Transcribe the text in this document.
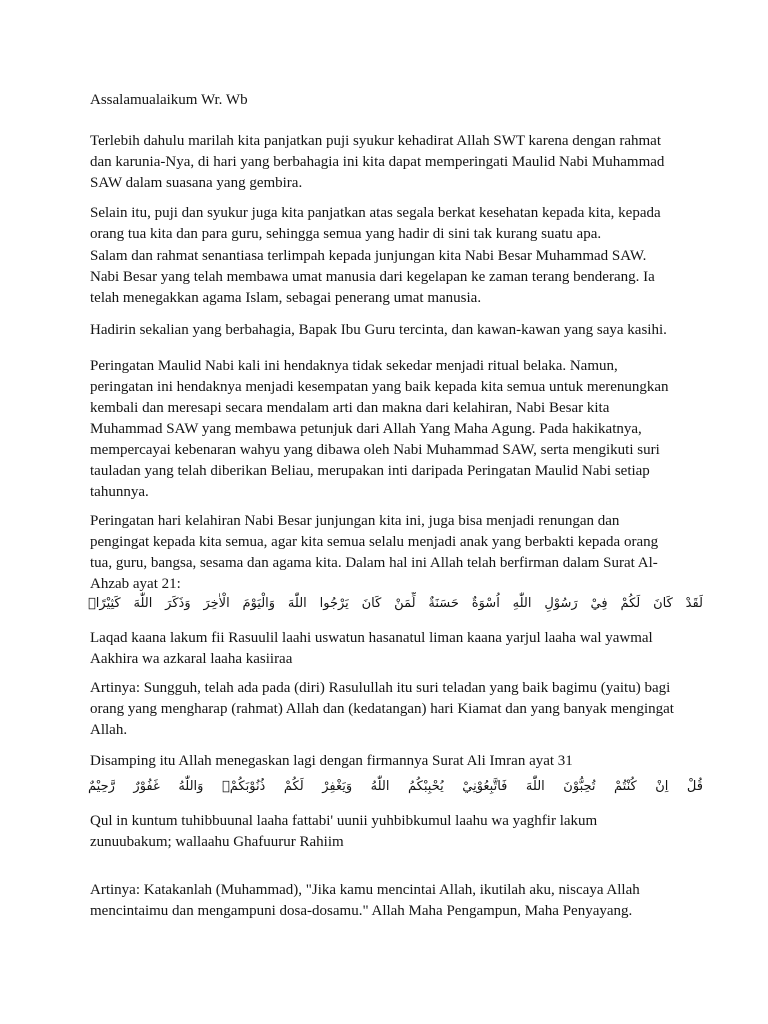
Assalamualaikum Wr. Wb

Terlebih dahulu marilah kita panjatkan puji syukur kehadirat Allah SWT karena dengan rahmat
dan karunia-Nya, di hari yang berbahagia ini kita dapat memperingati Maulid Nabi Muhammad
SAW dalam suasana yang gembira.

Selain itu, puji dan syukur juga kita panjatkan atas segala berkat kesehatan kepada kita, kepada
orang tua kita dan para guru, sehingga semua yang hadir di sini tak kurang suatu apa.

Salam dan rahmat senantiasa terlimpah kepada junjungan kita Nabi Besar Muhammad SAW.
Nabi Besar yang telah membawa umat manusia dari kegelapan ke zaman terang benderang. Ia
telah menegakkan agama Islam, sebagai penerang umat manusia.

Hadirin sekalian yang berbahagia, Bapak Ibu Guru tercinta, dan kawan-kawan yang saya kasihi.

Peringatan Maulid Nabi kali ini hendaknya tidak sekedar menjadi ritual belaka. Namun,
peringatan ini hendaknya menjadi kesempatan yang baik kepada kita semua untuk merenungkan
kembali dan meresapi secara mendalam arti dan makna dari kelahiran, Nabi Besar kita
Muhammad SAW yang membawa petunjuk dari Allah Yang Maha Agung. Pada hakikatnya,
mempercayai kebenaran wahyu yang dibawa oleh Nabi Muhammad SAW, serta mengikuti suri
tauladan yang telah diberikan Beliau, merupakan inti daripada Peringatan Maulid Nabi setiap
tahunnya.

Peringatan hari kelahiran Nabi Besar junjungan kita ini, juga bisa menjadi renungan dan
pengingat kepada kita semua, agar kita semua selalu menjadi anak yang berbakti kepada orang
tua, guru, bangsa, sesama dan agama kita. Dalam hal ini Allah telah berfirman dalam Surat Al-
Ahzab ayat 21:

لَقَدْ كَانَ لَكُمْ فِيْ رَسُوْلِ اللّٰهِ اُسْوَةٌ حَسَنَةٌ لِّمَنْ كَانَ يَرْجُوا اللّٰهَ وَالْيَوْمَ الْاٰخِرَ وَذَكَرَ اللّٰهَ كَثِيْرًاۗ

Laqad kaana lakum fii Rasuulil laahi uswatun hasanatul liman kaana yarjul laaha wal yawmal
Aakhira wa azkaral laaha kasiiraa

Artinya: Sungguh, telah ada pada (diri) Rasulullah itu suri teladan yang baik bagimu (yaitu) bagi
orang yang mengharap (rahmat) Allah dan (kedatangan) hari Kiamat dan yang banyak mengingat
Allah.

Disamping itu Allah menegaskan lagi dengan firmannya Surat Ali Imran ayat 31

قُلْ اِنْ كُنْتُمْ تُحِبُّوْنَ اللّٰهَ فَاتَّبِعُوْنِيْ يُحْبِبْكُمُ اللّٰهُ وَيَغْفِرْ لَكُمْ ذُنُوْبَكُمْۗ وَاللّٰهُ غَفُوْرٌ رَّحِيْمٌ

Qul in kuntum tuhibbuunal laaha fattabi' uunii yuhbibkumul laahu wa yaghfir lakum
zunuubakum; wallaahu Ghafuurur Rahiim

Artinya: Katakanlah (Muhammad), "Jika kamu mencintai Allah, ikutilah aku, niscaya Allah
mencintaimu dan mengampuni dosa-dosamu." Allah Maha Pengampun, Maha Penyayang.
